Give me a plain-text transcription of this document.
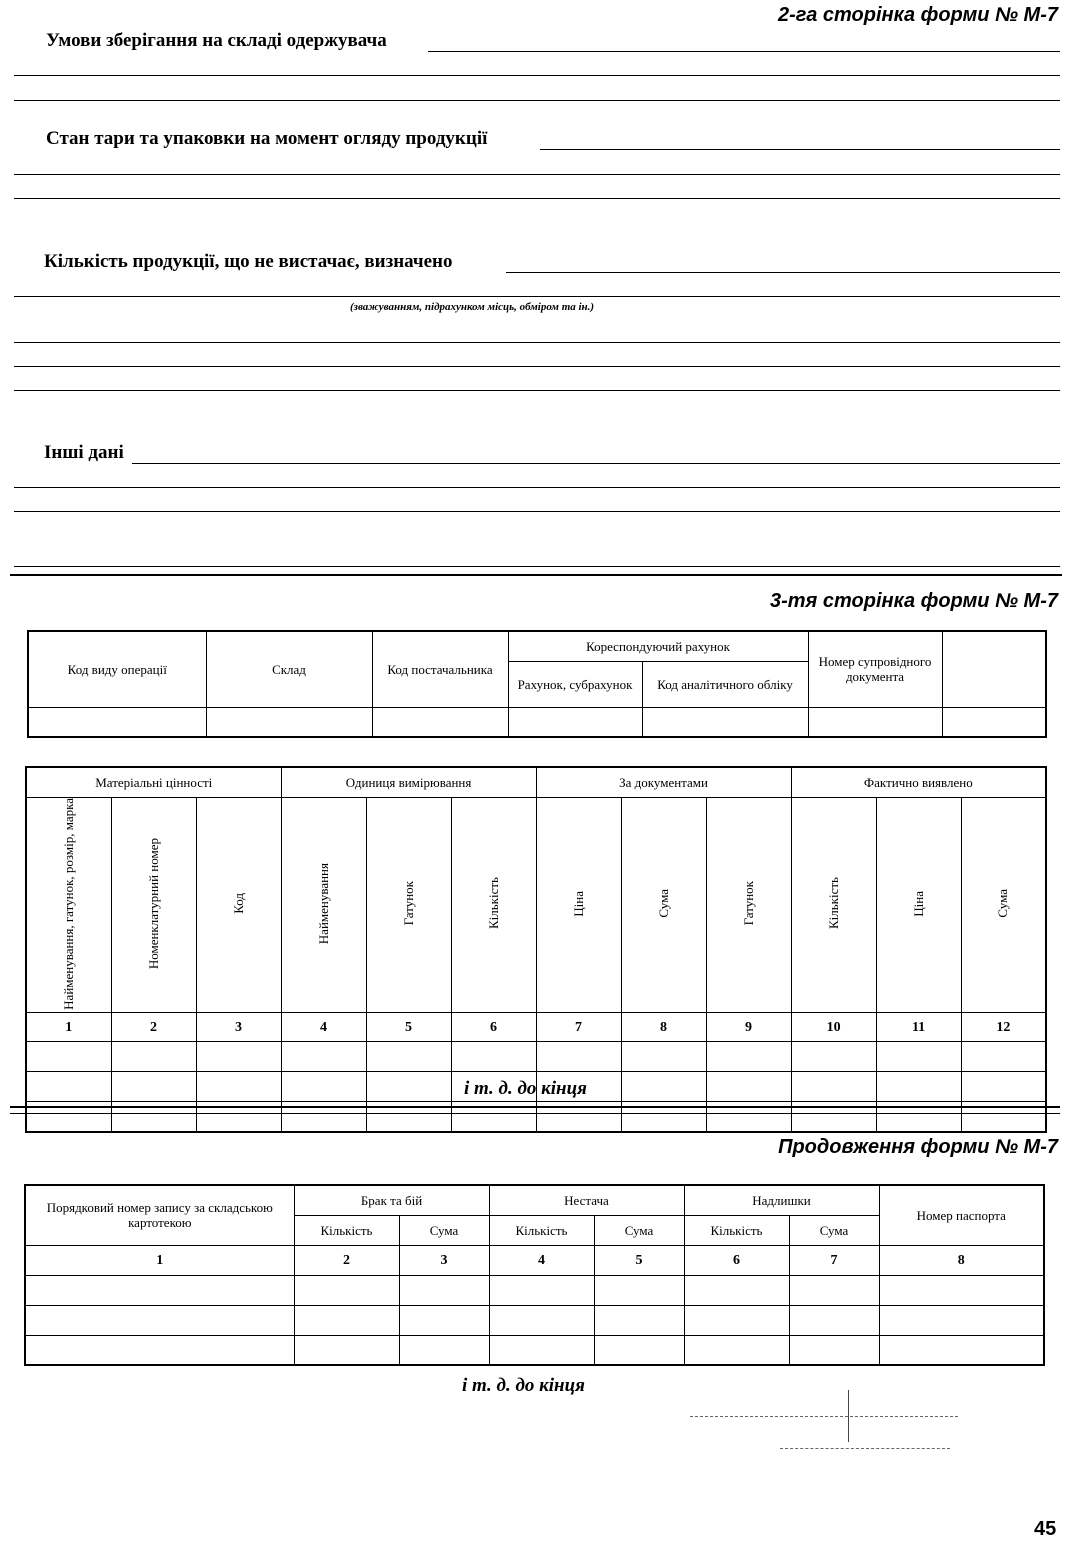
2-га сторінка форми № М-7
Умови зберігання на складі одержувача
Стан тари та упаковки на момент огляду продукції
Кількість продукції, що не вистачає, визначено
(зважуванням, підрахунком місць, обміром та ін.)
Інші дані
3-тя сторінка форми № М-7
Код виду операції	Склад	Код постачальника	Кореспондуючий рахунок		Номер супровідного документа	
			Рахунок, субрахунок	Код аналітичного обліку		

Матеріальні цінності			Одиниця вимірювання			За документами			Фактично виявлено		
Найменування, гатунок, розмір, марка	Номенклатурний номер	Код	Найменування	Гатунок	Кількість	Ціна	Сума	Гатунок	Кількість	Ціна	Сума
1	2	3	4	5	6	7	8	9	10	11	12

і т. д. до кінця
Продовження форми № М-7
Порядковий номер запису за складською картотекою	Брак та бій		Нестача		Надлишки		Номер паспорта
	Кількість	Сума	Кількість	Сума	Кількість	Сума	
1	2	3	4	5	6	7	8

і т. д. до кінця
45
